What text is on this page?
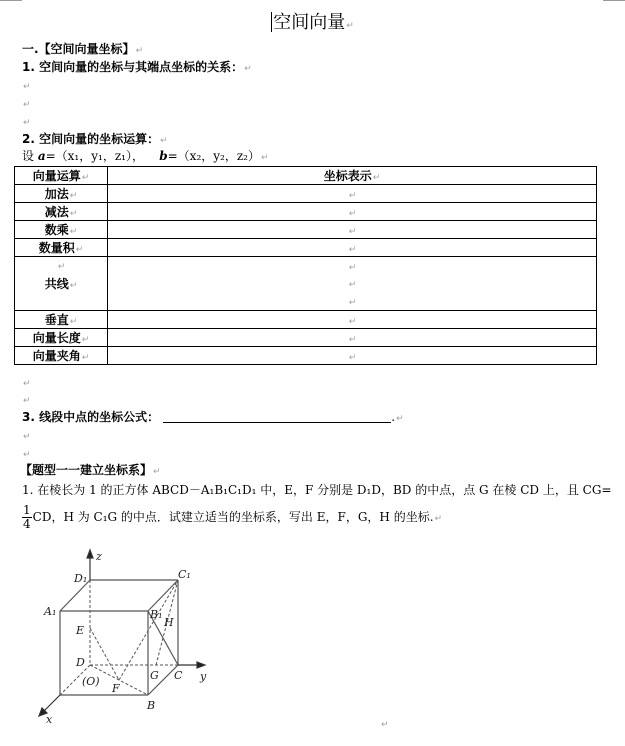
空间向量↵
一.【空间向量坐标】↵
1. 空间向量的坐标与其端点坐标的关系：↵
↵
↵
↵
2. 空间向量的坐标运算：↵
设 a=（x₁，y₁，z₁）， b=（x₂，y₂，z₂）↵
向量运算↵	坐标表示↵
加法↵	↵
减法↵	↵
数乘↵	↵
数量积↵	↵

↵
共线↵

↵
↵
↵

垂直↵	↵
向量长度↵	↵
向量夹角↵	↵
↵
↵
3. 线段中点的坐标公式：	.↵
↵
↵
【题型一一建立坐标系】↵
1. 在棱长为 1 的正方体 ABCD－A₁B₁C₁D₁ 中，E，F 分别是 D₁D，BD 的中点，点 G 在棱 CD 上，且 CG=
$\frac{1}{4}$ CD，H 为 C₁G 的中点．试建立适当的坐标系，写出 E，F，G，H 的坐标.↵
z
y
x
D₁	C₁
A₁	B₁
E
H
D
(O)
F
G C
B
↵
